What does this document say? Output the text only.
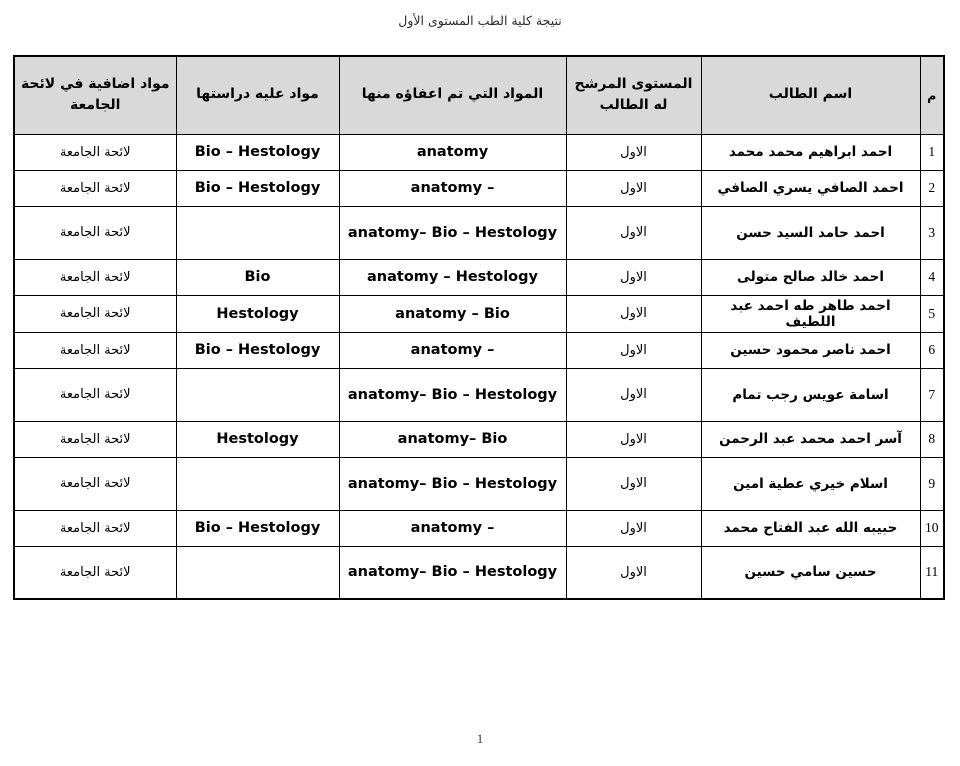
نتيجة كلية الطب المستوى الأول
م	اسم الطالب	المستوى المرشح له الطالب	المواد التي تم اعفاؤه منها	مواد عليه دراستها	مواد اضافية في لائحة الجامعة
1	احمد ابراهيم محمد محمد	الاول	anatomy	Bio – Hestology	لائحة الجامعة
2	احمد الصافي يسري الصافي	الاول	anatomy –	Bio – Hestology	لائحة الجامعة
3	احمد حامد السيد حسن	الاول	anatomy– Bio – Hestology		لائحة الجامعة
4	احمد خالد صالح متولى	الاول	anatomy – Hestology	Bio	لائحة الجامعة
5	احمد طاهر طه احمد عبد اللطيف	الاول	anatomy – Bio	Hestology	لائحة الجامعة
6	احمد ناصر محمود حسين	الاول	anatomy –	Bio – Hestology	لائحة الجامعة
7	اسامة عويس رجب تمام	الاول	anatomy– Bio – Hestology		لائحة الجامعة
8	آسر احمد محمد عبد الرحمن	الاول	anatomy– Bio	Hestology	لائحة الجامعة
9	اسلام خيري عطية امين	الاول	anatomy– Bio – Hestology		لائحة الجامعة
10	حبيبه الله عبد الفتاح محمد	الاول	anatomy –	Bio – Hestology	لائحة الجامعة
11	حسين سامي حسين	الاول	anatomy– Bio – Hestology		لائحة الجامعة
1
